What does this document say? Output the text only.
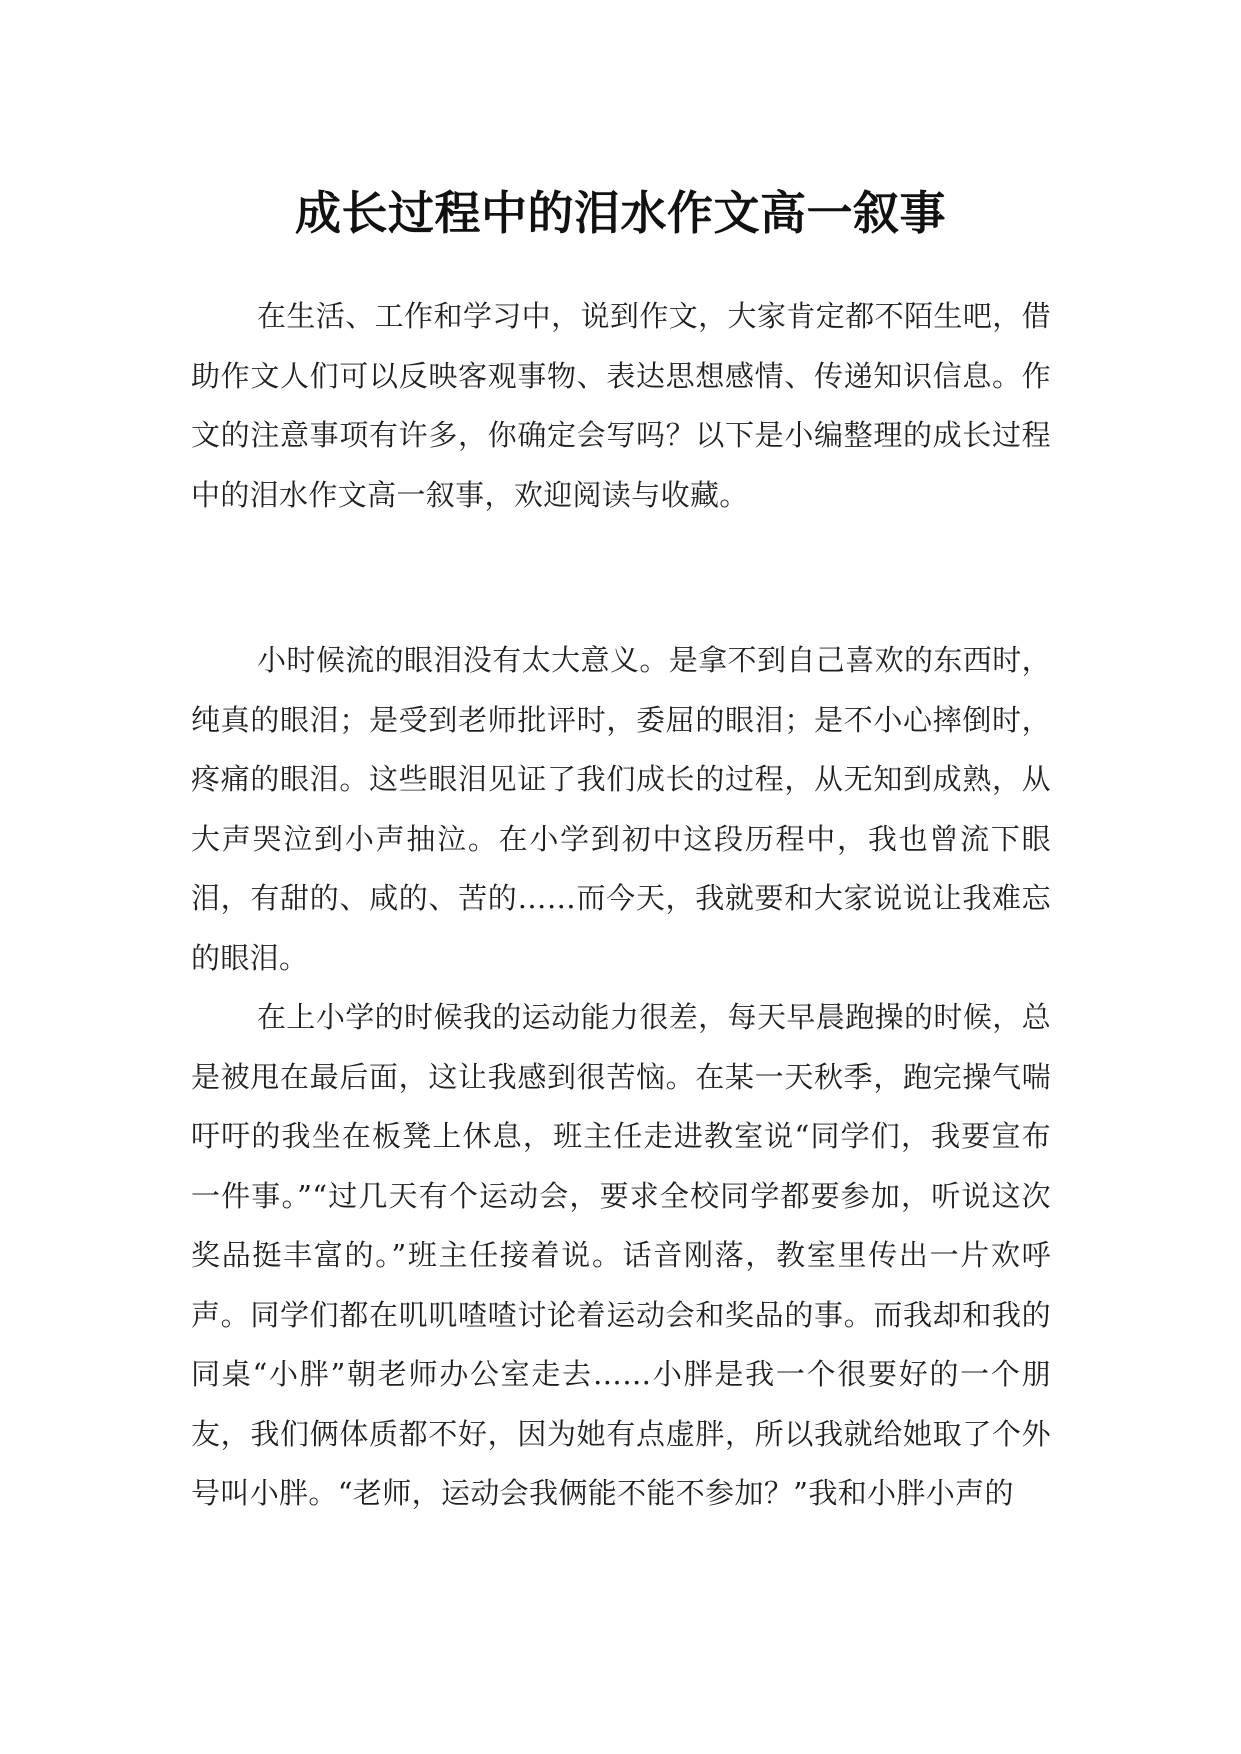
成长过程中的泪水作文高一叙事

在生活、工作和学习中，说到作文，大家肯定都不陌生吧，借助作文人们可以反映客观事物、表达思想感情、传递知识信息。作文的注意事项有许多，你确定会写吗？以下是小编整理的成长过程中的泪水作文高一叙事，欢迎阅读与收藏。

小时候流的眼泪没有太大意义。是拿不到自己喜欢的东西时，纯真的眼泪；是受到老师批评时，委屈的眼泪；是不小心摔倒时，疼痛的眼泪。这些眼泪见证了我们成长的过程，从无知到成熟，从大声哭泣到小声抽泣。在小学到初中这段历程中，我也曾流下眼泪，有甜的、咸的、苦的……而今天，我就要和大家说说让我难忘的眼泪。

在上小学的时候我的运动能力很差，每天早晨跑操的时候，总是被甩在最后面，这让我感到很苦恼。在某一天秋季，跑完操气喘吁吁的我坐在板凳上休息，班主任走进教室说“同学们，我要宣布一件事。”“过几天有个运动会，要求全校同学都要参加，听说这次奖品挺丰富的。”班主任接着说。话音刚落，教室里传出一片欢呼声。同学们都在叽叽喳喳讨论着运动会和奖品的事。而我却和我的同桌“小胖”朝老师办公室走去……小胖是我一个很要好的一个朋友，我们俩体质都不好，因为她有点虚胖，所以我就给她取了个外号叫小胖。“老师，运动会我俩能不能不参加？”我和小胖小声的
